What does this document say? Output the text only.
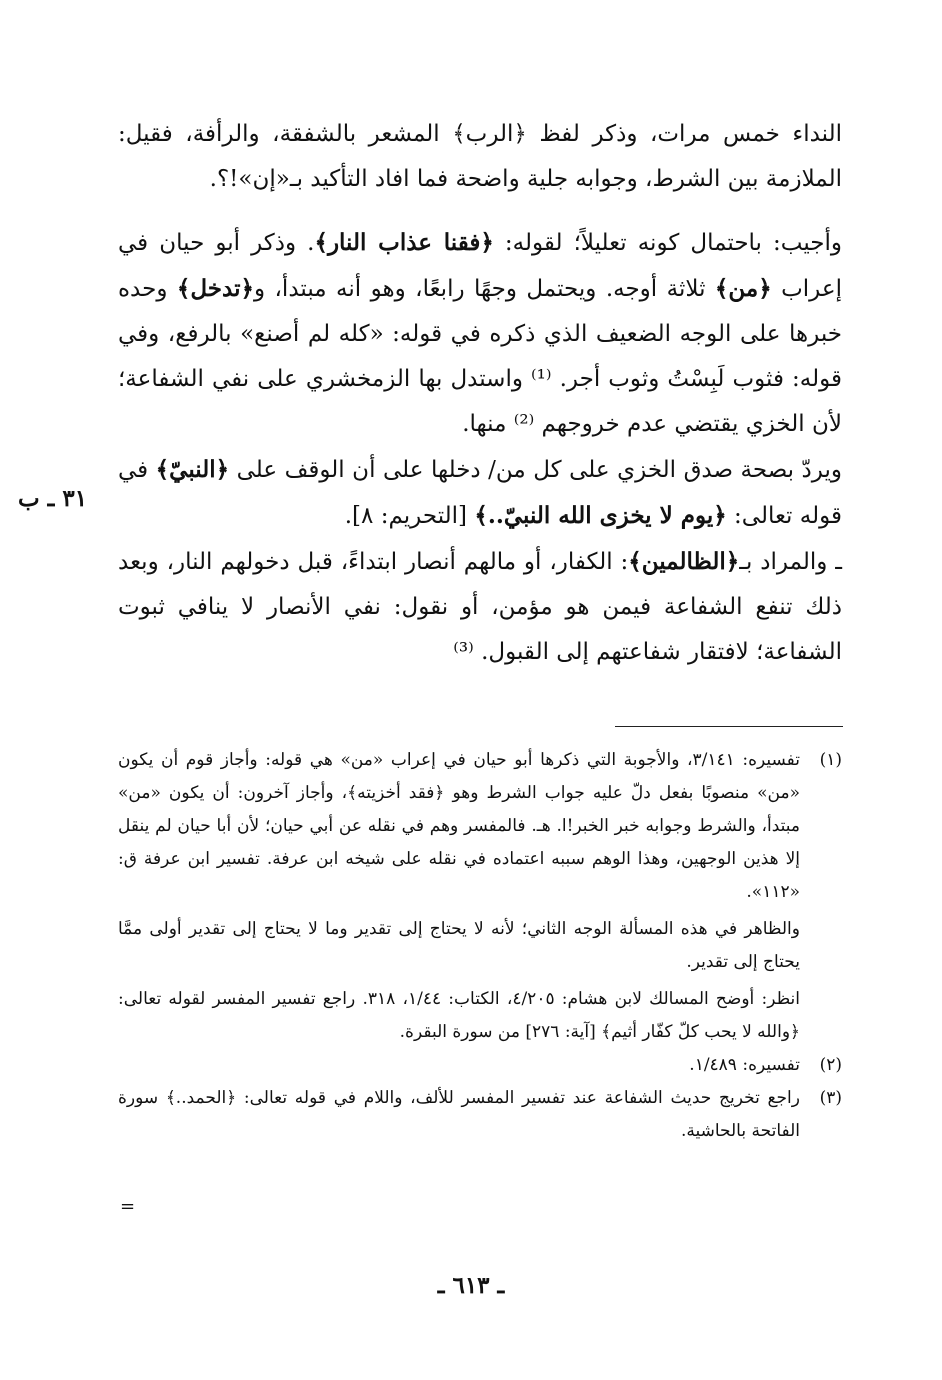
النداء خمس مرات، وذكر لفظ ﴿الرب﴾ المشعر بالشفقة، والرأفة، فقيل: الملازمة بين الشرط، وجوابه جلية واضحة فما افاد التأكيد بـ«إن»!؟.

وأجيب: باحتمال كونه تعليلاً؛ لقوله: ﴿فقنا عذاب النار﴾. وذكر أبو حيان في إعراب ﴿من﴾ ثلاثة أوجه. ويحتمل وجهًا رابعًا، وهو أنه مبتدأ، و﴿تدخل﴾ وحده خبرها على الوجه الضعيف الذي ذكره في قوله: «كله لم أصنع» بالرفع، وفي قوله: فثوب لَبِسْتُ وثوب أجر. ⁽¹⁾ واستدل بها الزمخشري على نفي الشفاعة؛ لأن الخزي يقتضي عدم خروجهم ⁽²⁾ منها.

ويردّ بصحة صدق الخزي على كل من/ دخلها على أن الوقف على ﴿النبيّ﴾ في قوله تعالى: ﴿يوم لا يخزى الله النبيّ..﴾ [التحريم: ٨].

ـ والمراد بـ﴿الظالمين﴾: الكفار، أو مالهم أنصار ابتداءً، قبل دخولهم النار، وبعد ذلك تنفع الشفاعة فيمن هو مؤمن، أو نقول: نفي الأنصار لا ينافي ثبوت الشفاعة؛ لافتقار شفاعتهم إلى القبول. ⁽³⁾

٣١ ـ ب
(١)

تفسيره: ٣/١٤١، والأجوبة التي ذكرها أبو حيان في إعراب «من» هي قوله: وأجاز قوم أن يكون «من» منصوبًا بفعل دلّ عليه جواب الشرط وهو ﴿فقد أخزيته﴾، وأجاز آخرون: أن يكون «من» مبتدأ، والشرط وجوابه خبر الخبر!ا. هـ. فالمفسر وهم في نقله عن أبي حيان؛ لأن أبا حيان لم ينقل إلا هذين الوجهين، وهذا الوهم سببه اعتماده في نقله على شيخه ابن عرفة. تفسير ابن عرفة ق: «١١٢».

والظاهر في هذه المسألة الوجه الثاني؛ لأنه لا يحتاج إلى تقدير وما لا يحتاج إلى تقدير أولى ممَّا يحتاج إلى تقدير.

انظر: أوضح المسالك لابن هشام: ٤/٢٠٥، الكتاب: ١/٤٤، ٣١٨. راجع تفسير المفسر لقوله تعالى: ﴿والله لا يحب كلّ كفّار أثيم﴾ [آية: ٢٧٦] من سورة البقرة.

(٢)

تفسيره: ١/٤٨٩.

(٣)

راجع تخريج حديث الشفاعة عند تفسير المفسر للألف، واللام في قوله تعالى: ﴿الحمد..﴾ سورة الفاتحة بالحاشية.

=
ـ ٦١٣ ـ
